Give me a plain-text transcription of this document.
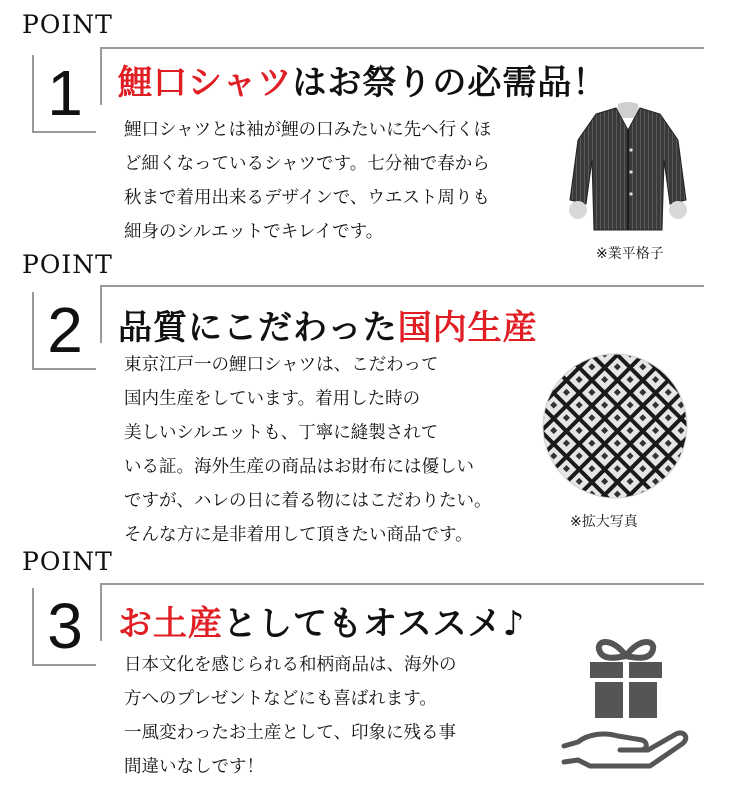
POINT
1	鯉口シャツはお祭りの必需品！
鯉口シャツとは袖が鯉の口みたいに先へ行くほ
ど細くなっているシャツです。七分袖で春から
秋まで着用出来るデザインで、ウエスト周りも
細身のシルエットでキレイです。
※業平格子
POINT
2	品質にこだわった国内生産
東京江戸一の鯉口シャツは、こだわって
国内生産をしています。着用した時の
美しいシルエットも、丁寧に縫製されて
いる証。海外生産の商品はお財布には優しい
ですが、ハレの日に着る物にはこだわりたい。
そんな方に是非着用して頂きたい商品です。
※拡大写真
POINT
3	お土産としてもオススメ♪
日本文化を感じられる和柄商品は、海外の
方へのプレゼントなどにも喜ばれます。
一風変わったお土産として、印象に残る事
間違いなしです！
